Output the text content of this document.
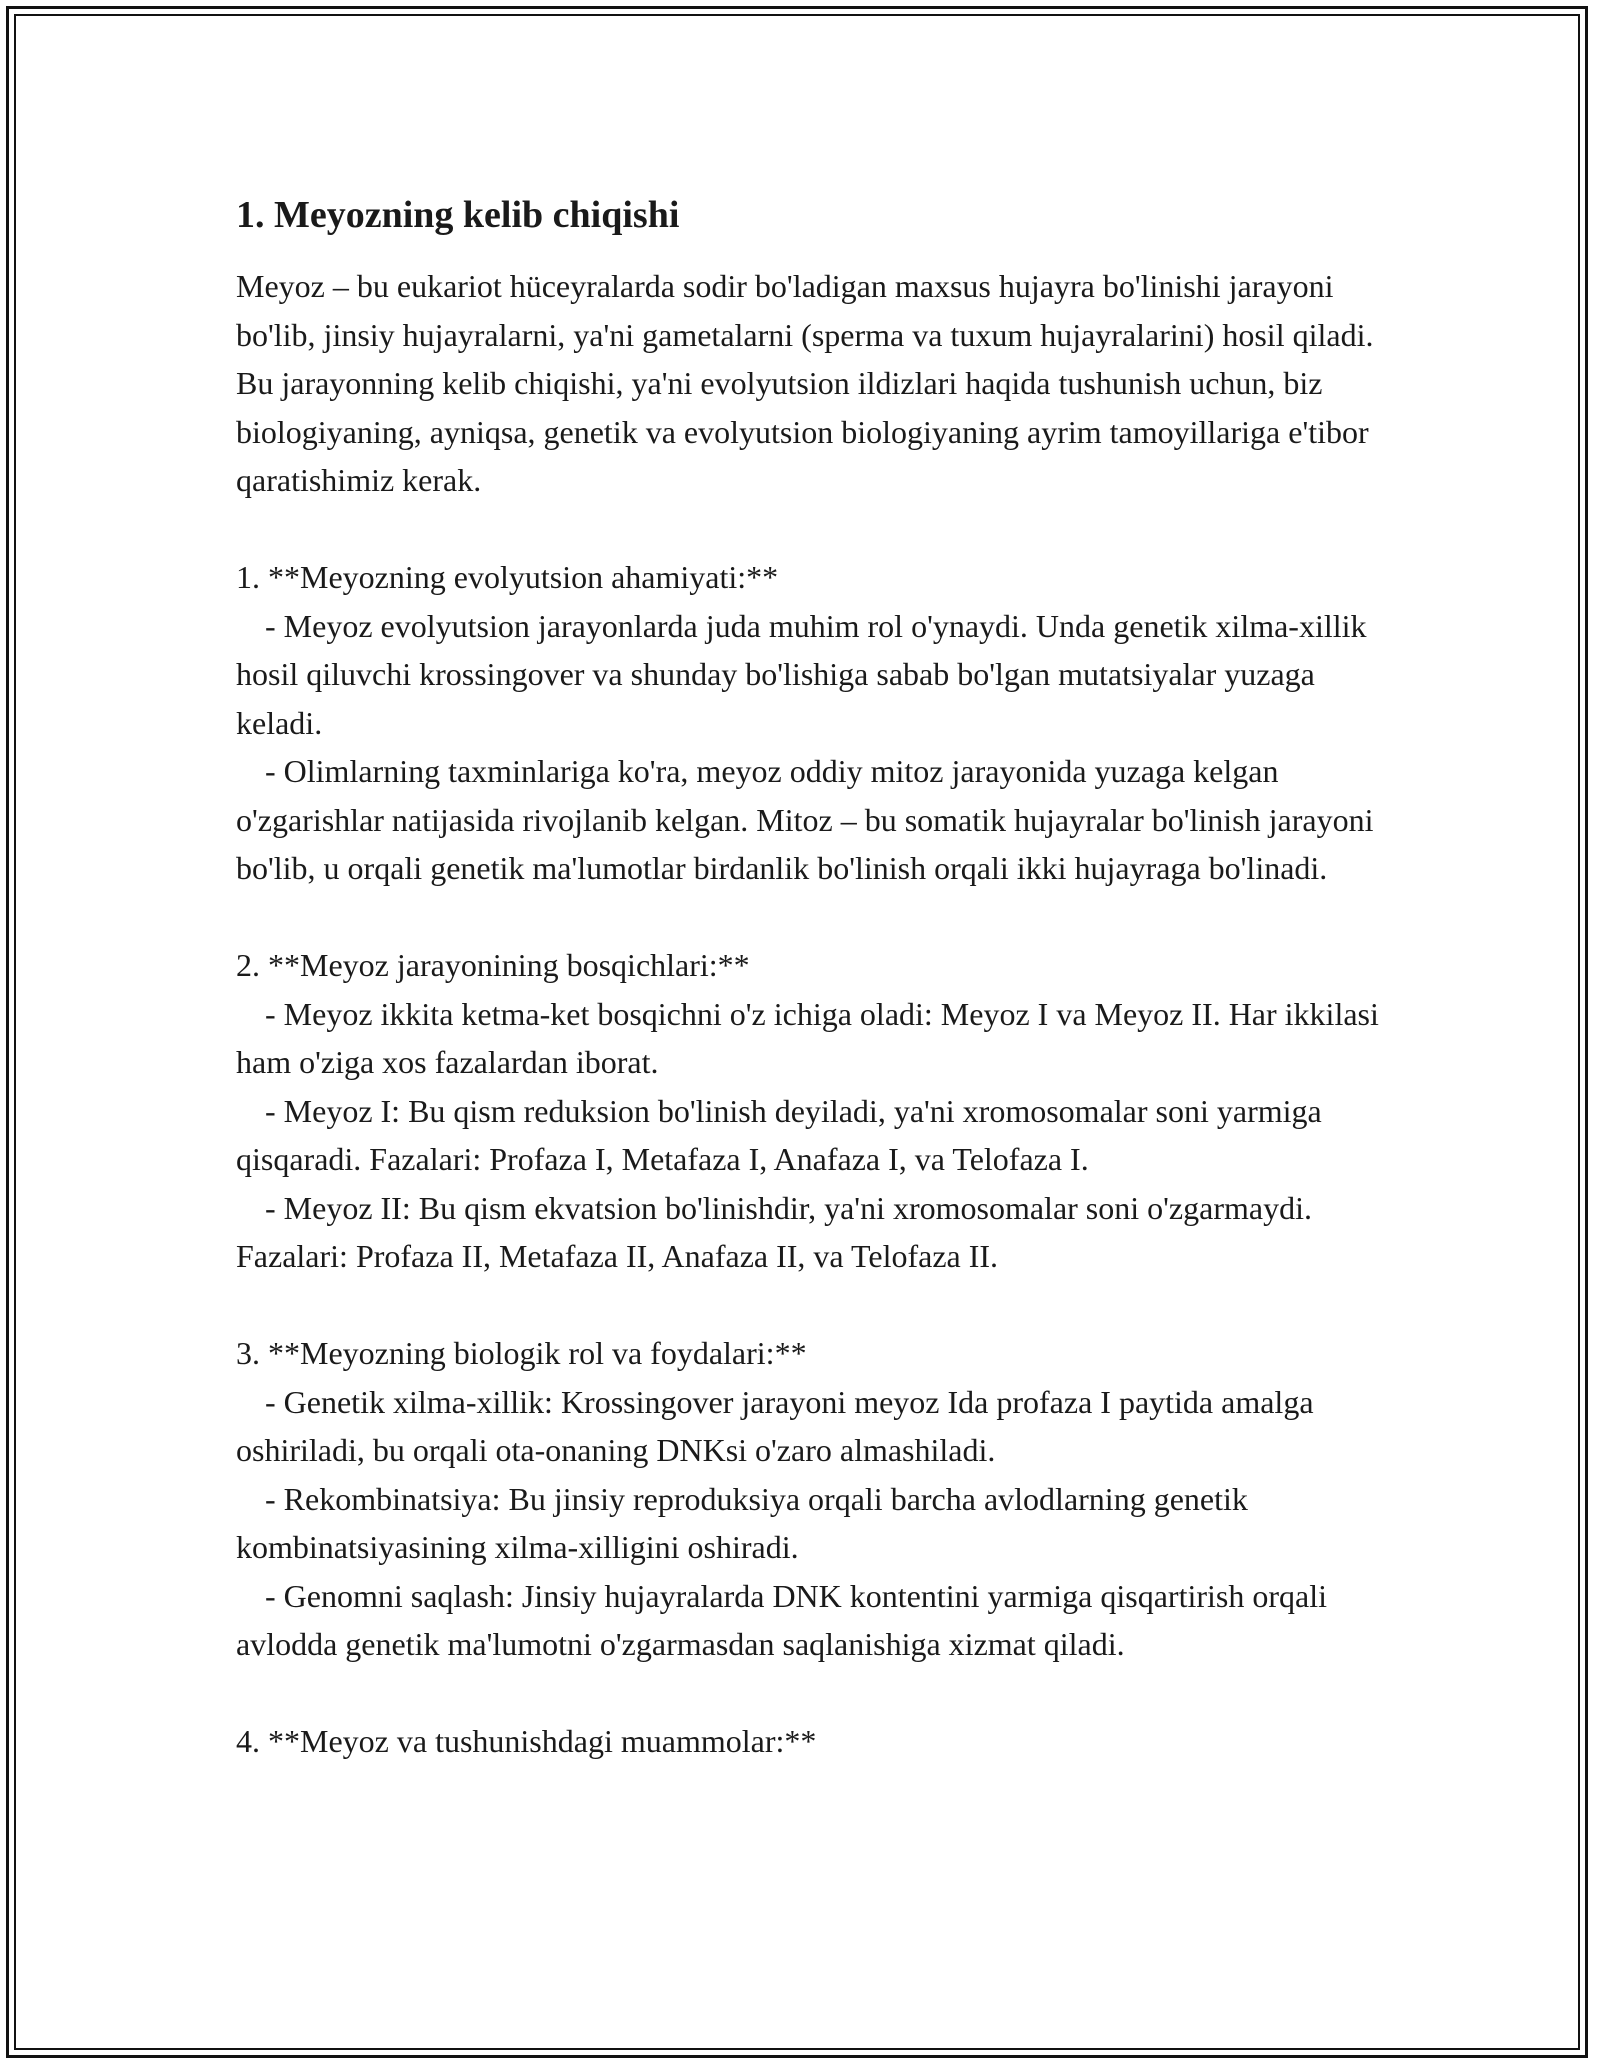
1. Meyozning kelib chiqishi

Meyoz – bu eukariot hüceyralarda sodir bo'ladigan maxsus hujayra bo'linishi jarayoni bo'lib, jinsiy hujayralarni, ya'ni gametalarni (sperma va tuxum hujayralarini) hosil qiladi. Bu jarayonning kelib chiqishi, ya'ni evolyutsion ildizlari haqida tushunish uchun, biz biologiyaning, ayniqsa, genetik va evolyutsion biologiyaning ayrim tamoyillariga e'tibor qaratishimiz kerak.

1. **Meyozning evolyutsion ahamiyati:**

- Meyoz evolyutsion jarayonlarda juda muhim rol o'ynaydi. Unda genetik xilma-xillik hosil qiluvchi krossingover va shunday bo'lishiga sabab bo'lgan mutatsiyalar yuzaga keladi.

- Olimlarning taxminlariga ko'ra, meyoz oddiy mitoz jarayonida yuzaga kelgan o'zgarishlar natijasida rivojlanib kelgan. Mitoz – bu somatik hujayralar bo'linish jarayoni bo'lib, u orqali genetik ma'lumotlar birdanlik bo'linish orqali ikki hujayraga bo'linadi.

2. **Meyoz jarayonining bosqichlari:**

- Meyoz ikkita ketma-ket bosqichni o'z ichiga oladi: Meyoz I va Meyoz II. Har ikkilasi ham o'ziga xos fazalardan iborat.

- Meyoz I: Bu qism reduksion bo'linish deyiladi, ya'ni xromosomalar soni yarmiga qisqaradi. Fazalari: Profaza I, Metafaza I, Anafaza I, va Telofaza I.

- Meyoz II: Bu qism ekvatsion bo'linishdir, ya'ni xromosomalar soni o'zgarmaydi. Fazalari: Profaza II, Metafaza II, Anafaza II, va Telofaza II.

3. **Meyozning biologik rol va foydalari:**

- Genetik xilma-xillik: Krossingover jarayoni meyoz Ida profaza I paytida amalga oshiriladi, bu orqali ota-onaning DNKsi o'zaro almashiladi.

- Rekombinatsiya: Bu jinsiy reproduksiya orqali barcha avlodlarning genetik kombinatsiyasining xilma-xilligini oshiradi.

- Genomni saqlash: Jinsiy hujayralarda DNK kontentini yarmiga qisqartirish orqali avlodda genetik ma'lumotni o'zgarmasdan saqlanishiga xizmat qiladi.

4. **Meyoz va tushunishdagi muammolar:**
